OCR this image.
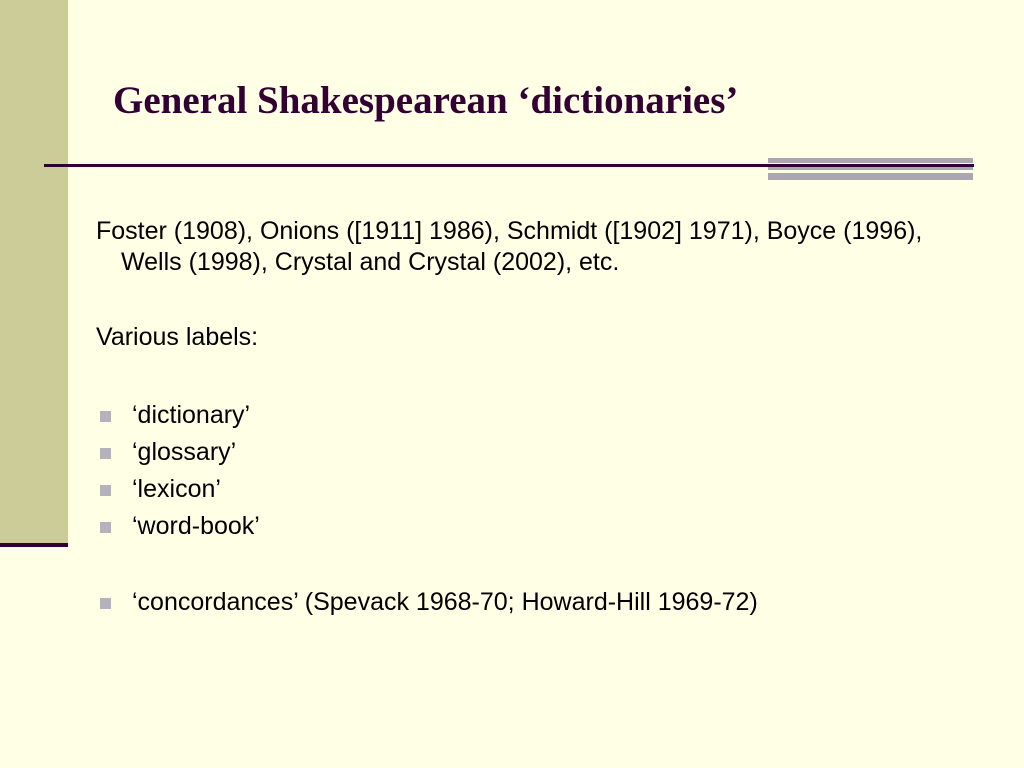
General Shakespearean ‘dictionaries’

Foster (1908), Onions ([1911] 1986), Schmidt ([1902] 1971), Boyce (1996), Wells (1998), Crystal and Crystal (2002), etc.

Various labels:

‘dictionary’
‘glossary’
‘lexicon’
‘word-book’
‘concordances’ (Spevack 1968-70; Howard-Hill 1969-72)
